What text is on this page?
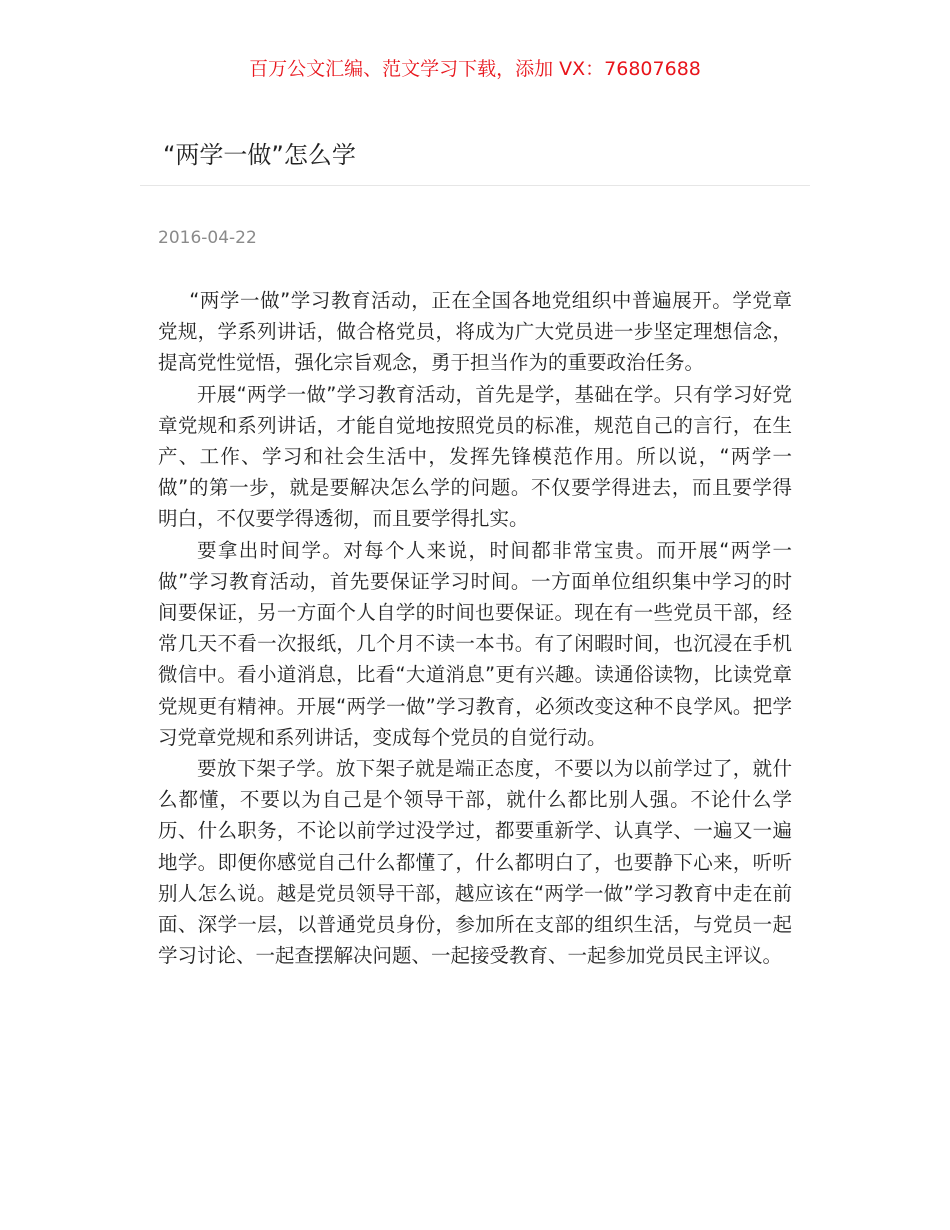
百万公文汇编、范文学习下载，添加 VX：76807688
“两学一做”怎么学
2016-04-22

“两学一做”学习教育活动，正在全国各地党组织中普遍展开。学党章党规，学系列讲话，做合格党员，将成为广大党员进一步坚定理想信念，提高党性觉悟，强化宗旨观念，勇于担当作为的重要政治任务。

开展“两学一做”学习教育活动，首先是学，基础在学。只有学习好党章党规和系列讲话，才能自觉地按照党员的标准，规范自己的言行，在生产、工作、学习和社会生活中，发挥先锋模范作用。所以说，“两学一做”的第一步，就是要解决怎么学的问题。不仅要学得进去，而且要学得明白，不仅要学得透彻，而且要学得扎实。

要拿出时间学。对每个人来说，时间都非常宝贵。而开展“两学一做”学习教育活动，首先要保证学习时间。一方面单位组织集中学习的时间要保证，另一方面个人自学的时间也要保证。现在有一些党员干部，经常几天不看一次报纸，几个月不读一本书。有了闲暇时间，也沉浸在手机微信中。看小道消息，比看“大道消息”更有兴趣。读通俗读物，比读党章党规更有精神。开展“两学一做”学习教育，必须改变这种不良学风。把学习党章党规和系列讲话，变成每个党员的自觉行动。

要放下架子学。放下架子就是端正态度，不要以为以前学过了，就什么都懂，不要以为自己是个领导干部，就什么都比别人强。不论什么学历、什么职务，不论以前学过没学过，都要重新学、认真学、一遍又一遍地学。即便你感觉自己什么都懂了，什么都明白了，也要静下心来，听听别人怎么说。越是党员领导干部，越应该在“两学一做”学习教育中走在前面、深学一层，以普通党员身份，参加所在支部的组织生活，与党员一起学习讨论、一起查摆解决问题、一起接受教育、一起参加党员民主评议。
